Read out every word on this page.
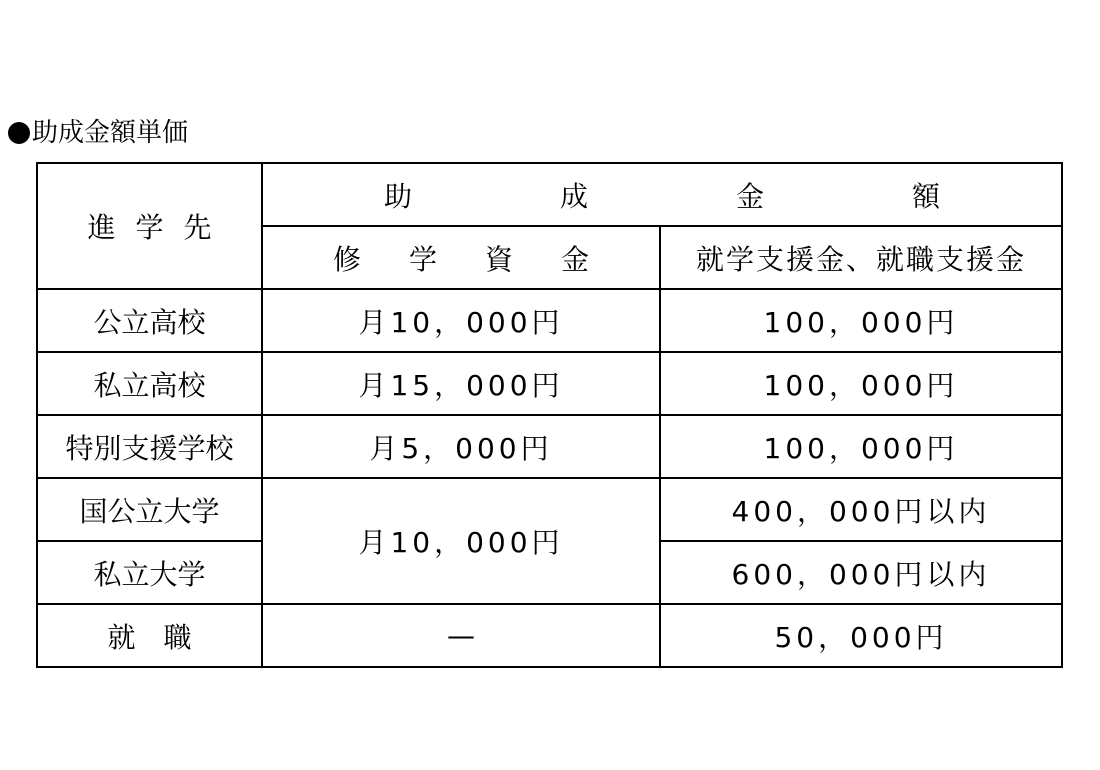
助成金額単価
進 学 先	助 成 金 額	
	修 学 資 金	就学支援金、就職支援金
公立高校	月10，000円	100，000円
私立高校	月15，000円	100，000円
特別支援学校	月5，000円	100，000円
国公立大学	月10，000円	400，000円以内
私立大学		600，000円以内
就 職	—	50，000円
